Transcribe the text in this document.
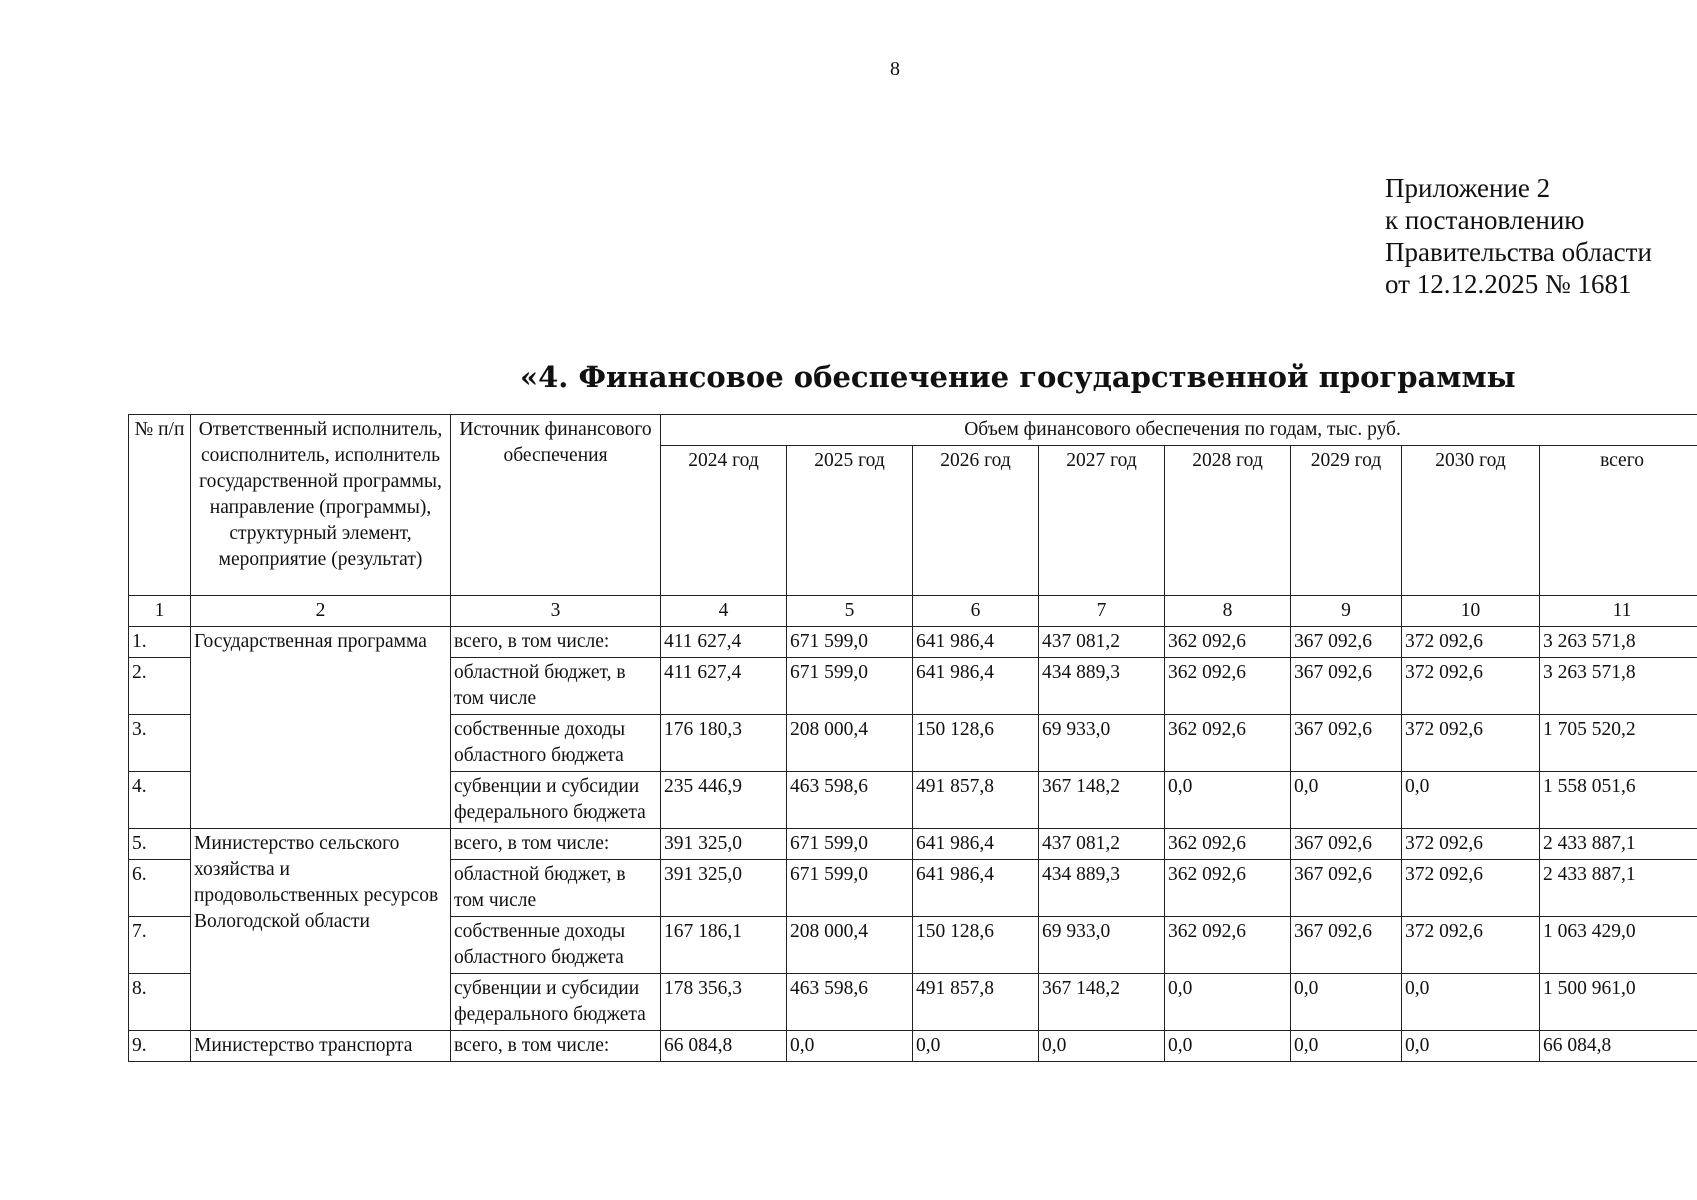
8
Приложение 2
к постановлению
Правительства области
от 12.12.2025 № 1681
«4. Финансовое обеспечение государственной программы
№ п/п	Ответственный исполнитель, соисполнитель, исполнитель государственной программы, направление (программы), структурный элемент, мероприятие (результат)	Источник финансового обеспечения	Объем финансового обеспечения по годам, тыс. руб.							
			2024 год	2025 год	2026 год	2027 год	2028 год	2029 год	2030 год	всего
1	2	3	4	5	6	7	8	9	10	11
1.	Государственная программа	всего, в том числе:	411 627,4	671 599,0	641 986,4	437 081,2	362 092,6	367 092,6	372 092,6	3 263 571,8
2.		областной бюджет, в том числе	411 627,4	671 599,0	641 986,4	434 889,3	362 092,6	367 092,6	372 092,6	3 263 571,8
3.		собственные доходы областного бюджета	176 180,3	208 000,4	150 128,6	69 933,0	362 092,6	367 092,6	372 092,6	1 705 520,2
4.		субвенции и субсидии федерального бюджета	235 446,9	463 598,6	491 857,8	367 148,2	0,0	0,0	0,0	1 558 051,6
5.	Министерство сельского хозяйства и продовольственных ресурсов Вологодской области	всего, в том числе:	391 325,0	671 599,0	641 986,4	437 081,2	362 092,6	367 092,6	372 092,6	2 433 887,1
6.		областной бюджет, в том числе	391 325,0	671 599,0	641 986,4	434 889,3	362 092,6	367 092,6	372 092,6	2 433 887,1
7.		собственные доходы областного бюджета	167 186,1	208 000,4	150 128,6	69 933,0	362 092,6	367 092,6	372 092,6	1 063 429,0
8.		субвенции и субсидии федерального бюджета	178 356,3	463 598,6	491 857,8	367 148,2	0,0	0,0	0,0	1 500 961,0
9.	Министерство транспорта	всего, в том числе:	66 084,8	0,0	0,0	0,0	0,0	0,0	0,0	66 084,8
